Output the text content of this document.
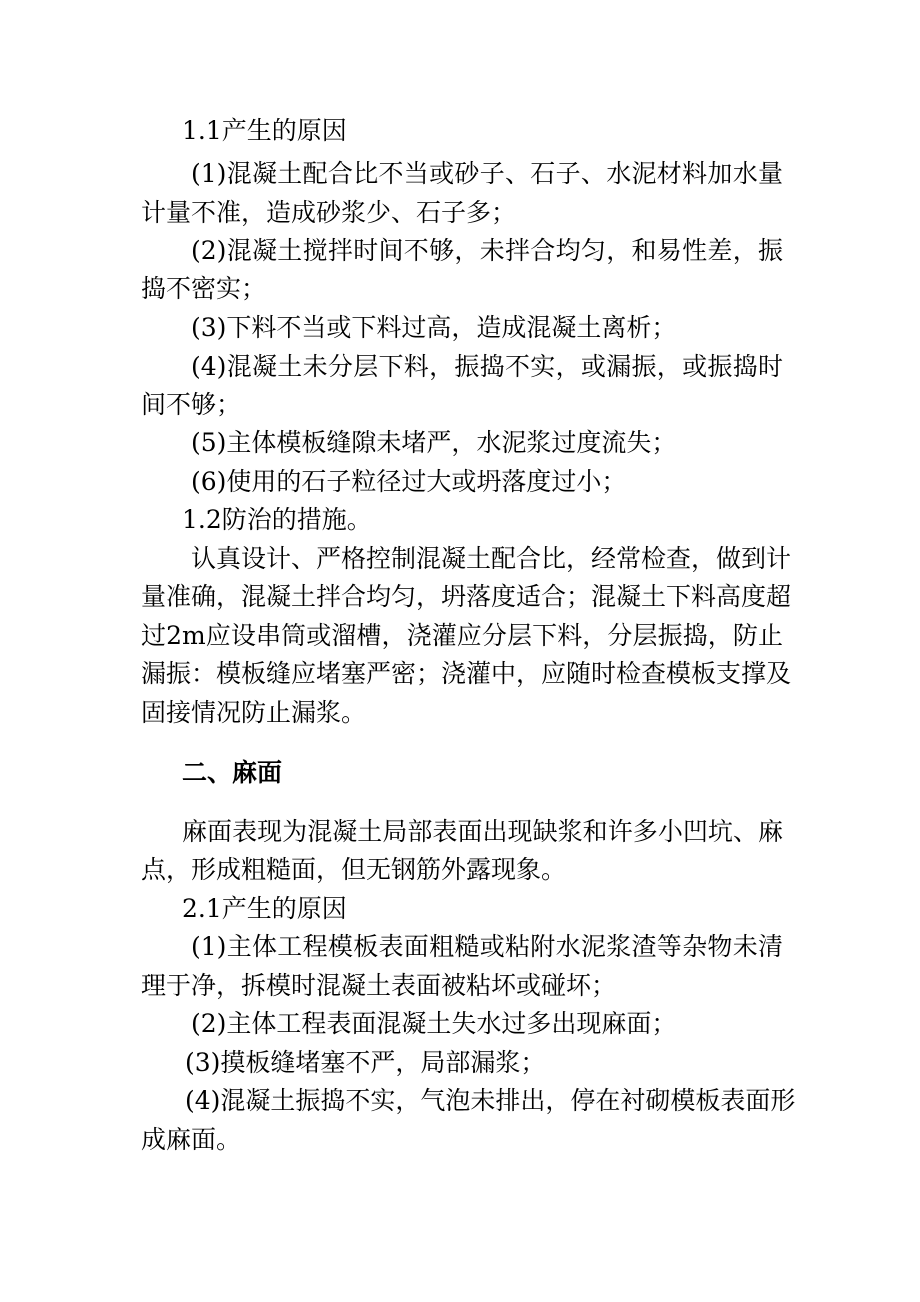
1.1产生的原因
(1)混凝土配合比不当或砂子、石子、水泥材料加水量
计量不准，造成砂浆少、石子多；
(2)混凝土搅拌时间不够，未拌合均匀，和易性差，振
捣不密实；
(3)下料不当或下料过高，造成混凝土离析；
(4)混凝土未分层下料，振捣不实，或漏振，或振捣时
间不够；
(5)主体模板缝隙未堵严，水泥浆过度流失；
(6)使用的石子粒径过大或坍落度过小；
1.2防治的措施。
认真设计、严格控制混凝土配合比，经常检查，做到计
量准确，混凝土拌合均匀，坍落度适合；混凝土下料高度超
过2m应设串筒或溜槽，浇灌应分层下料，分层振捣，防止
漏振：模板缝应堵塞严密；浇灌中，应随时检查模板支撑及
固接情况防止漏浆。
二、麻面
麻面表现为混凝土局部表面出现缺浆和许多小凹坑、麻
点，形成粗糙面，但无钢筋外露现象。
2.1产生的原因
(1)主体工程模板表面粗糙或粘附水泥浆渣等杂物未清
理于净，拆模时混凝土表面被粘坏或碰坏；
(2)主体工程表面混凝土失水过多出现麻面；
(3)摸板缝堵塞不严，局部漏浆；
(4)混凝土振捣不实，气泡未排出，停在衬砌模板表面形
成麻面。
